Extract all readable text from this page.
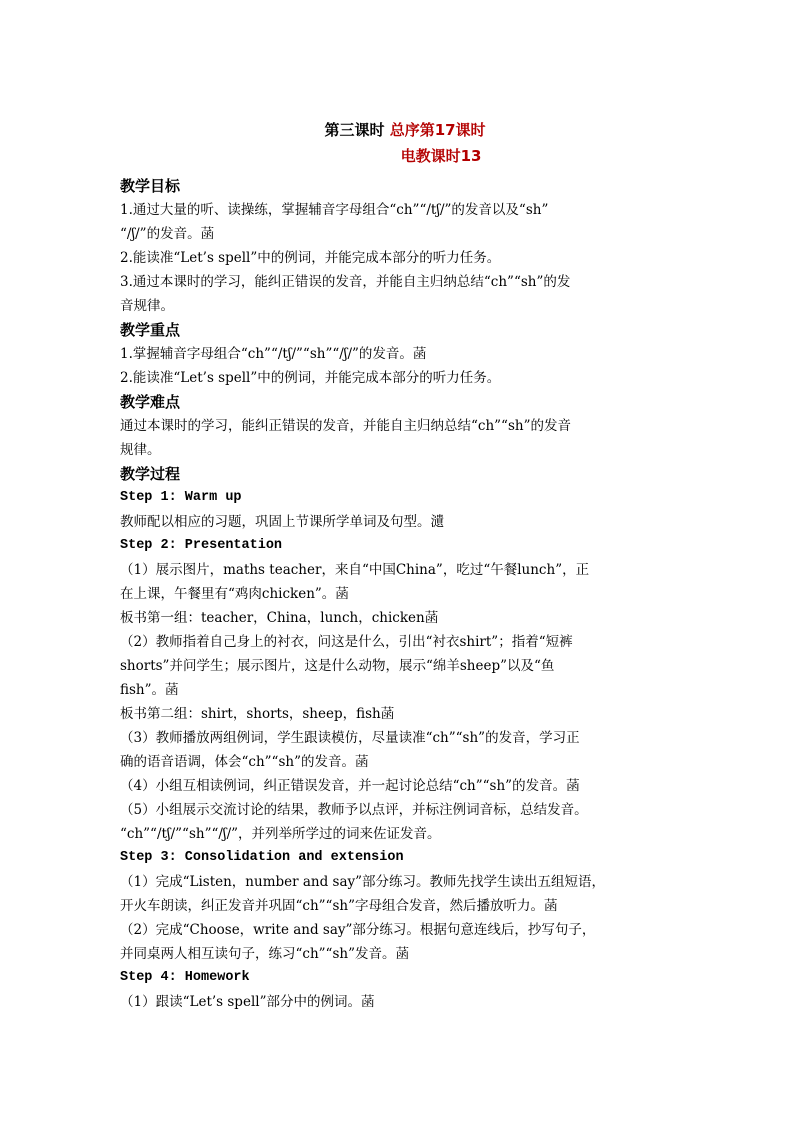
第三课时 总序第17课时
电教课时13

教学目标

1.通过大量的听、读操练，掌握辅音字母组合“ch”“/tʃ/”的发音以及“sh”

“/ʃ/”的发音。菡

2.能读准“Let’s spell”中的例词，并能完成本部分的听力任务。

3.通过本课时的学习，能纠正错误的发音，并能自主归纳总结“ch”“sh”的发

音规律。

教学重点

1.掌握辅音字母组合“ch”“/tʃ/”“sh”“/ʃ/”的发音。菡

2.能读准“Let’s spell”中的例词，并能完成本部分的听力任务。

教学难点

通过本课时的学习，能纠正错误的发音，并能自主归纳总结“ch”“sh”的发音

规律。

教学过程

Step 1: Warm up

教师配以相应的习题，巩固上节课所学单词及句型。瀢

Step 2: Presentation

（1）展示图片，maths teacher，来自“中国China”，吃过“午餐lunch”，正

在上课，午餐里有“鸡肉chicken”。菡

板书第一组：teacher，China，lunch，chicken菡

（2）教师指着自己身上的衬衣，问这是什么，引出“衬衣shirt”；指着“短裤

shorts”并问学生；展示图片，这是什么动物，展示“绵羊sheep”以及“鱼

fish”。菡

板书第二组：shirt，shorts，sheep，fish菡

（3）教师播放两组例词，学生跟读模仿，尽量读准“ch”“sh”的发音，学习正

确的语音语调，体会“ch”“sh”的发音。菡

（4）小组互相读例词，纠正错误发音，并一起讨论总结“ch”“sh”的发音。菡

（5）小组展示交流讨论的结果，教师予以点评，并标注例词音标，总结发音。

“ch”“/tʃ/”“sh”“/ʃ/”，并列举所学过的词来佐证发音。

Step 3: Consolidation and extension

（1）完成“Listen，number and say”部分练习。教师先找学生读出五组短语，

开火车朗读，纠正发音并巩固“ch”“sh”字母组合发音，然后播放听力。菡

（2）完成“Choose，write and say”部分练习。根据句意连线后，抄写句子，

并同桌两人相互读句子，练习“ch”“sh”发音。菡

Step 4: Homework

（1）跟读“Let’s spell”部分中的例词。菡
